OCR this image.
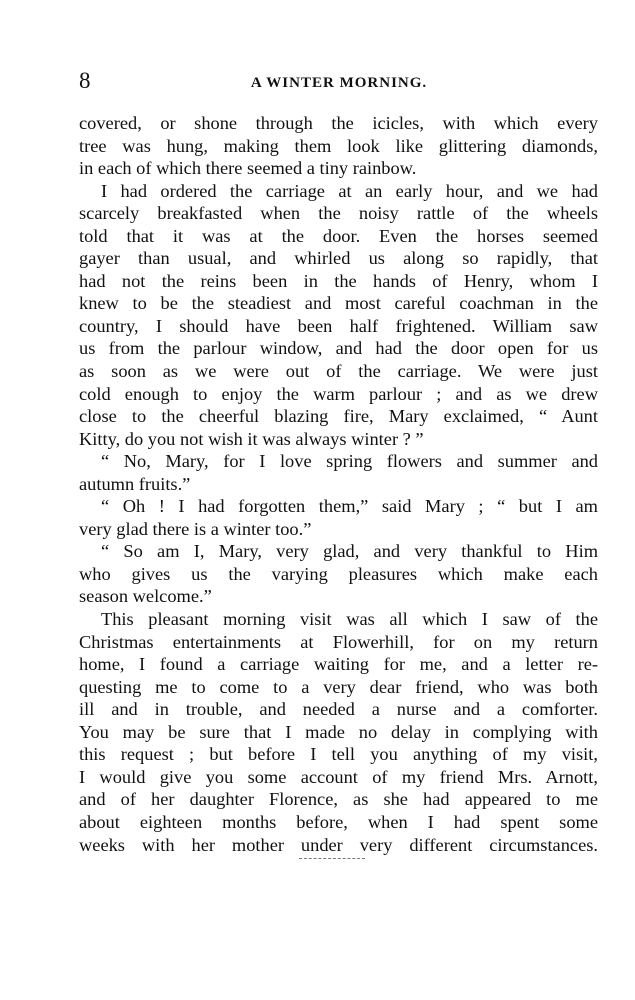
8	A WINTER MORNING.
covered, or shone through the icicles, with which every
tree was hung, making them look like glittering diamonds,
in each of which there seemed a tiny rainbow.
I had ordered the carriage at an early hour, and we had
scarcely breakfasted when the noisy rattle of the wheels
told that it was at the door. Even the horses seemed
gayer than usual, and whirled us along so rapidly, that
had not the reins been in the hands of Henry, whom I
knew to be the steadiest and most careful coachman in the
country, I should have been half frightened. William saw
us from the parlour window, and had the door open for us
as soon as we were out of the carriage. We were just
cold enough to enjoy the warm parlour ; and as we drew
close to the cheerful blazing fire, Mary exclaimed, “ Aunt
Kitty, do you not wish it was always winter ? ”
“ No, Mary, for I love spring flowers and summer and
autumn fruits.”
“ Oh ! I had forgotten them,” said Mary ; “ but I am
very glad there is a winter too.”
“ So am I, Mary, very glad, and very thankful to Him
who gives us the varying pleasures which make each
season welcome.”
This pleasant morning visit was all which I saw of the
Christmas entertainments at Flowerhill, for on my return
home, I found a carriage waiting for me, and a letter re-
questing me to come to a very dear friend, who was both
ill and in trouble, and needed a nurse and a comforter.
You may be sure that I made no delay in complying with
this request ; but before I tell you anything of my visit,
I would give you some account of my friend Mrs. Arnott,
and of her daughter Florence, as she had appeared to me
about eighteen months before, when I had spent some
weeks with her mother under very different circumstances.
